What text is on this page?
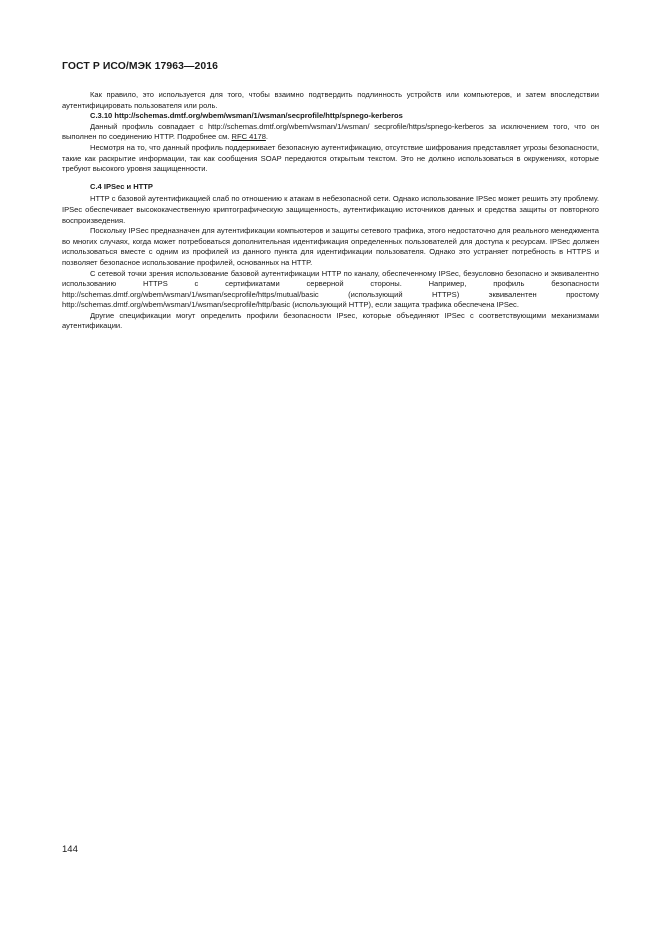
ГОСТ Р ИСО/МЭК 17963—2016

Как правило, это используется для того, чтобы взаимно подтвердить подлинность устройств или компьютеров, и затем впоследствии аутентифицировать пользователя или роль.

C.3.10 http://schemas.dmtf.org/wbem/wsman/1/wsman/secprofile/http/spnego-kerberos

Данный профиль совпадает с http://schemas.dmtf.org/wbem/wsman/1/wsman/ secprofile/https/spnego-kerberos за исключением того, что он выполнен по соединению HTTP. Подробнее см. RFC 4178.

Несмотря на то, что данный профиль поддерживает безопасную аутентификацию, отсутствие шифрования представляет угрозы безопасности, такие как раскрытие информации, так как сообщения SOAP передаются открытым текстом. Это не должно использоваться в окружениях, которые требуют высокого уровня защищенности.

C.4 IPSec и HTTP

HTTP с базовой аутентификацией слаб по отношению к атакам в небезопасной сети. Однако использование IPSec может решить эту проблему. IPSec обеспечивает высококачественную криптографическую защищенность, аутентификацию источников данных и средства защиты от повторного воспроизведения.

Поскольку IPSec предназначен для аутентификации компьютеров и защиты сетевого трафика, этого недостаточно для реального менеджмента во многих случаях, когда может потребоваться дополнительная идентификация определенных пользователей для доступа к ресурсам. IPSec должен использоваться вместе с одним из профилей из данного пункта для идентификации пользователя. Однако это устраняет потребность в HTTPS и позволяет безопасное использование профилей, основанных на HTTP.

С сетевой точки зрения использование базовой аутентификации HTTP по каналу, обеспеченному IPSec, безусловно безопасно и эквивалентно использованию HTTPS с сертификатами серверной стороны. Например, профиль безопасности http://schemas.dmtf.org/wbem/wsman/1/wsman/secprofile/https/mutual/basic (использующий HTTPS) эквивалентен простому http://schemas.dmtf.org/wbem/wsman/1/wsman/secprofile/http/basic (использующий HTTP), если защита трафика обеспечена IPSec.

Другие спецификации могут определить профили безопасности IPsec, которые объединяют IPSec с соответствующими механизмами аутентификации.

144
